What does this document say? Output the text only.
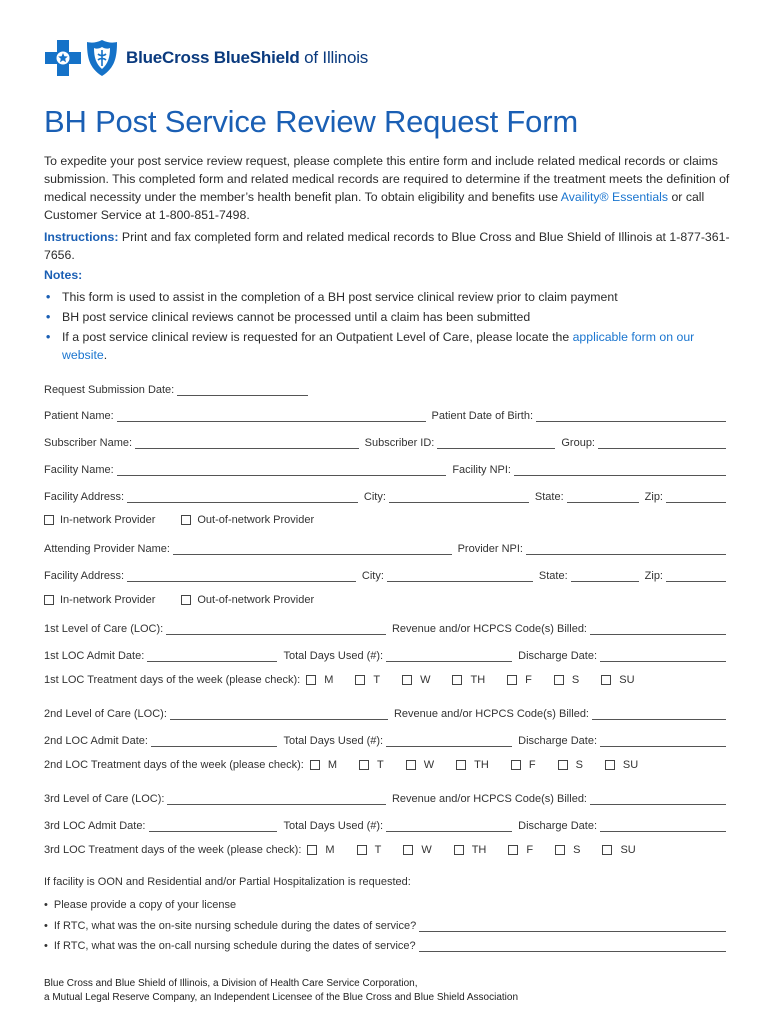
BlueCross BlueShield of Illinois
BH Post Service Review Request Form

To expedite your post service review request, please complete this entire form and include related medical records or claims submission. This completed form and related medical records are required to determine if the treatment meets the definition of medical necessity under the member’s health benefit plan. To obtain eligibility and benefits use Availity® Essentials or call Customer Service at 1-800-851-7498.

Instructions: Print and fax completed form and related medical records to Blue Cross and Blue Shield of Illinois at 1-877-361-7656.

Notes:
• This form is used to assist in the completion of a BH post service clinical review prior to claim payment
• BH post service clinical reviews cannot be processed until a claim has been submitted
• If a post service clinical review is requested for an Outpatient Level of Care, please locate the applicable form on our website.
Request Submission Date:
Patient Name:	Patient Date of Birth:
Subscriber Name:	Subscriber ID:	Group:
Facility Name:	Facility NPI:
Facility Address:	City:	State:	Zip:
In-network Provider	Out-of-network Provider
Attending Provider Name:	Provider NPI:
Facility Address:	City:	State:	Zip:
In-network Provider	Out-of-network Provider
1st Level of Care (LOC):	Revenue and/or HCPCS Code(s) Billed:
1st LOC Admit Date:	Total Days Used (#):	Discharge Date:
1st LOC Treatment days of the week (please check): M	T	W	TH	F	S	SU
2nd Level of Care (LOC):	Revenue and/or HCPCS Code(s) Billed:
2nd LOC Admit Date:	Total Days Used (#):	Discharge Date:
2nd LOC Treatment days of the week (please check): M	T	W	TH	F	S	SU
3rd Level of Care (LOC):	Revenue and/or HCPCS Code(s) Billed:
3rd LOC Admit Date:	Total Days Used (#):	Discharge Date:
3rd LOC Treatment days of the week (please check): M	T	W	TH	F	S	SU
If facility is OON and Residential and/or Partial Hospitalization is requested:
• Please provide a copy of your license
• If RTC, what was the on-site nursing schedule during the dates of service?
• If RTC, what was the on-call nursing schedule during the dates of service?
Blue Cross and Blue Shield of Illinois, a Division of Health Care Service Corporation,
a Mutual Legal Reserve Company, an Independent Licensee of the Blue Cross and Blue Shield Association
